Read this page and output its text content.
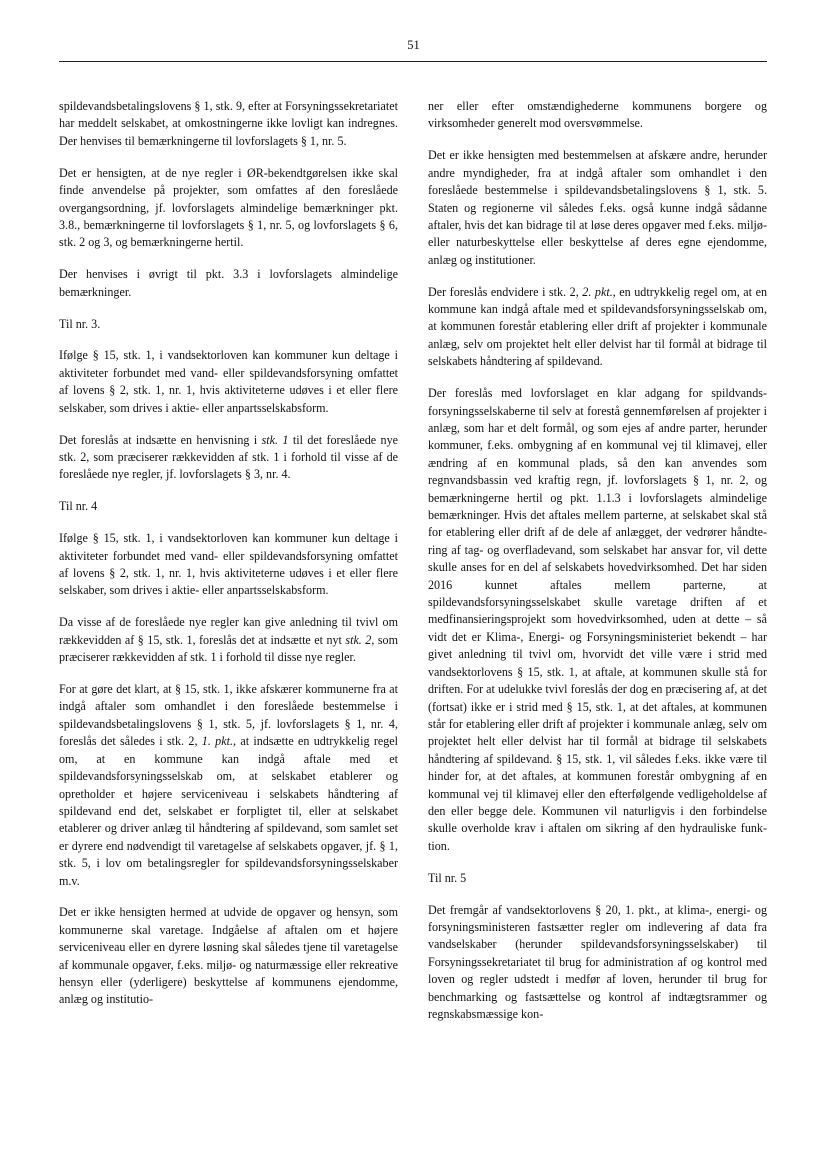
51

spildevandsbetalingslovens § 1, stk. 9, efter at Forsyningssekretariatet har meddelt selskabet, at omkostningerne ikke lovligt kan indregnes. Der henvises til bemærkningerne til lovforslagets § 1, nr. 5.

Det er hensigten, at de nye regler i ØR-bekendtgørelsen ikke skal finde anvendelse på projekter, som omfattes af den foreslåede overgangsordning, jf. lovforslagets almindelige bemærkninger pkt. 3.8., bemærkningerne til lovforslagets § 1, nr. 5, og lovforslagets § 6, stk. 2 og 3, og bemærkningerne hertil.

Der henvises i øvrigt til pkt. 3.3 i lovforslagets almindelige bemærkninger.

Til nr. 3.

Ifølge § 15, stk. 1, i vandsektorloven kan kommuner kun deltage i aktiviteter forbundet med vand- eller spildevandsforsyning omfattet af lovens § 2, stk. 1, nr. 1, hvis aktiviteterne udøves i et eller flere selskaber, som drives i aktie- eller anpartsselskabsform.

Det foreslås at indsætte en henvisning i stk. 1 til det foreslåede nye stk. 2, som præciserer rækkevidden af stk. 1 i forhold til visse af de foreslåede nye regler, jf. lovforslagets § 3, nr. 4.

Til nr. 4

Ifølge § 15, stk. 1, i vandsektorloven kan kommuner kun deltage i aktiviteter forbundet med vand- eller spildevandsforsyning omfattet af lovens § 2, stk. 1, nr. 1, hvis aktiviteterne udøves i et eller flere selskaber, som drives i aktie- eller anpartsselskabsform.

Da visse af de foreslåede nye regler kan give anledning til tvivl om rækkevidden af § 15, stk. 1, foreslås det at indsætte et nyt stk. 2, som præciserer rækkevidden af stk. 1 i forhold til disse nye regler.

For at gøre det klart, at § 15, stk. 1, ikke afskærer kommunerne fra at indgå aftaler som omhandlet i den foreslåede bestemmelse i spildevandsbetalingslovens § 1, stk. 5, jf. lovforslagets § 1, nr. 4, foreslås det således i stk. 2, 1. pkt., at indsætte en udtrykkelig regel om, at en kommune kan indgå aftale med et spildevandsforsyningsselskab om, at selskabet etablerer og opretholder et højere serviceniveau i selskabets håndtering af spildevand end det, selskabet er forpligtet til, eller at selskabet etablerer og driver anlæg til håndtering af spildevand, som samlet set er dyrere end nødvendigt til varetagelse af selskabets opgaver, jf. § 1, stk. 5, i lov om betalingsregler for spildevandsforsyningsselskaber m.v.

Det er ikke hensigten hermed at udvide de opgaver og hensyn, som kommunerne skal varetage. Indgåelse af aftalen om et højere serviceniveau eller en dyrere løsning skal således tjene til varetagelse af kommunale opgaver, f.eks. miljø- og naturmæssige eller rekreative hensyn eller (yderligere) beskyttelse af kommunens ejendomme, anlæg og institutio-

ner eller efter omstændighederne kommunens borgere og virksomheder generelt mod oversvømmelse.

Det er ikke hensigten med bestemmelsen at afskære andre, herunder andre myndigheder, fra at indgå aftaler som omhandlet i den foreslåede bestemmelse i spildevandsbetalingslovens § 1, stk. 5. Staten og regionerne vil således f.eks. også kunne indgå sådanne aftaler, hvis det kan bidrage til at løse deres opgaver med f.eks. miljø- eller naturbeskyttelse eller beskyttelse af deres egne ejendomme, anlæg og institutioner.

Der foreslås endvidere i stk. 2, 2. pkt., en udtrykkelig regel om, at en kommune kan indgå aftale med et spildevandsforsyningsselskab om, at kommunen forestår etablering eller drift af projekter i kommunale anlæg, selv om projektet helt eller delvist har til formål at bidrage til selskabets håndtering af spildevand.

Der foreslås med lovforslaget en klar adgang for spildvandsforsyningsselskaberne til selv at forestå gennemførelsen af projekter i anlæg, som har et delt formål, og som ejes af andre parter, herunder kommuner, f.eks. ombygning af en kommunal vej til klimavej, eller ændring af en kommunal plads, så den kan anvendes som regnvandsbassin ved kraftig regn, jf. lovforslagets § 1, nr. 2, og bemærkningerne hertil og pkt. 1.1.3 i lovforslagets almindelige bemærkninger. Hvis det aftales mellem parterne, at selskabet skal stå for etablering eller drift af de dele af anlægget, der vedrører håndtering af tag- og overfladevand, som selskabet har ansvar for, vil dette skulle anses for en del af selskabets hovedvirksomhed. Det har siden 2016 kunnet aftales mellem parterne, at spildevandsforsyningsselskabet skulle varetage driften af et medfinansieringsprojekt som hovedvirksomhed, uden at dette – så vidt det er Klima-, Energi- og Forsyningsministeriet bekendt – har givet anledning til tvivl om, hvorvidt det ville være i strid med vandsektorlovens § 15, stk. 1, at aftale, at kommunen skulle stå for driften. For at udelukke tvivl foreslås der dog en præcisering af, at det (fortsat) ikke er i strid med § 15, stk. 1, at det aftales, at kommunen står for etablering eller drift af projekter i kommunale anlæg, selv om projektet helt eller delvist har til formål at bidrage til selskabets håndtering af spildevand. § 15, stk. 1, vil således f.eks. ikke være til hinder for, at det aftales, at kommunen forestår ombygning af en kommunal vej til klimavej eller den efterfølgende vedligeholdelse af den eller begge dele. Kommunen vil naturligvis i den forbindelse skulle overholde krav i aftalen om sikring af den hydrauliske funktion.

Til nr. 5

Det fremgår af vandsektorlovens § 20, 1. pkt., at klima-, energi- og forsyningsministeren fastsætter regler om indlevering af data fra vandselskaber (herunder spildevandsforsyningsselskaber) til Forsyningssekretariatet til brug for administration af og kontrol med loven og regler udstedt i medfør af loven, herunder til brug for benchmarking og fastsættelse og kontrol af indtægtsrammer og regnskabsmæssige kon-
